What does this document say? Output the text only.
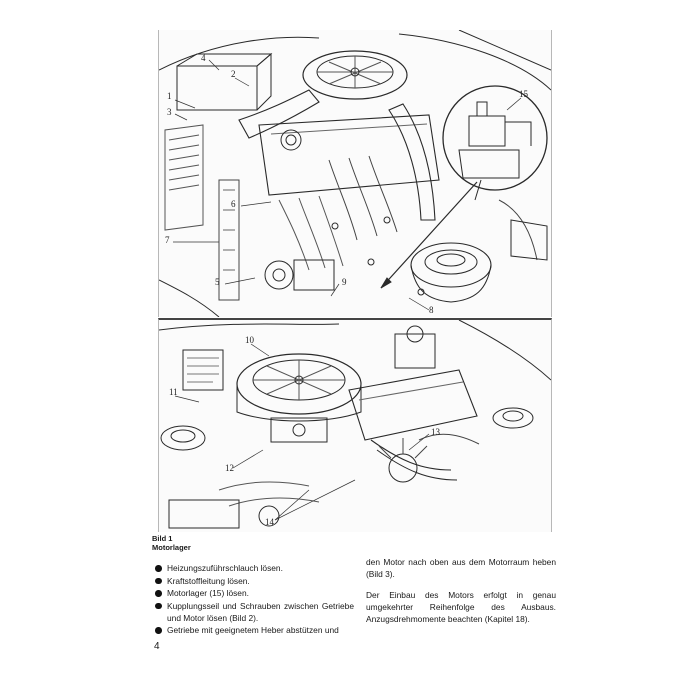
1
2
3
4
5
6
7
8
9
15
10
11
12
13
14
Bild 1
Motorlager
Heizungszuführschlauch lösen.
Kraftstoffleitung lösen.
Motorlager (15) lösen.
Kupplungsseil und Schrauben zwischen Getriebe und Motor lösen (Bild 2).
Getriebe mit geeignetem Heber abstützen und

den Motor nach oben aus dem Motorraum heben (Bild 3).

Der Einbau des Motors erfolgt in genau umgekehrter Reihenfolge des Ausbaus. Anzugsdrehmomente beachten (Kapitel 18).

4
